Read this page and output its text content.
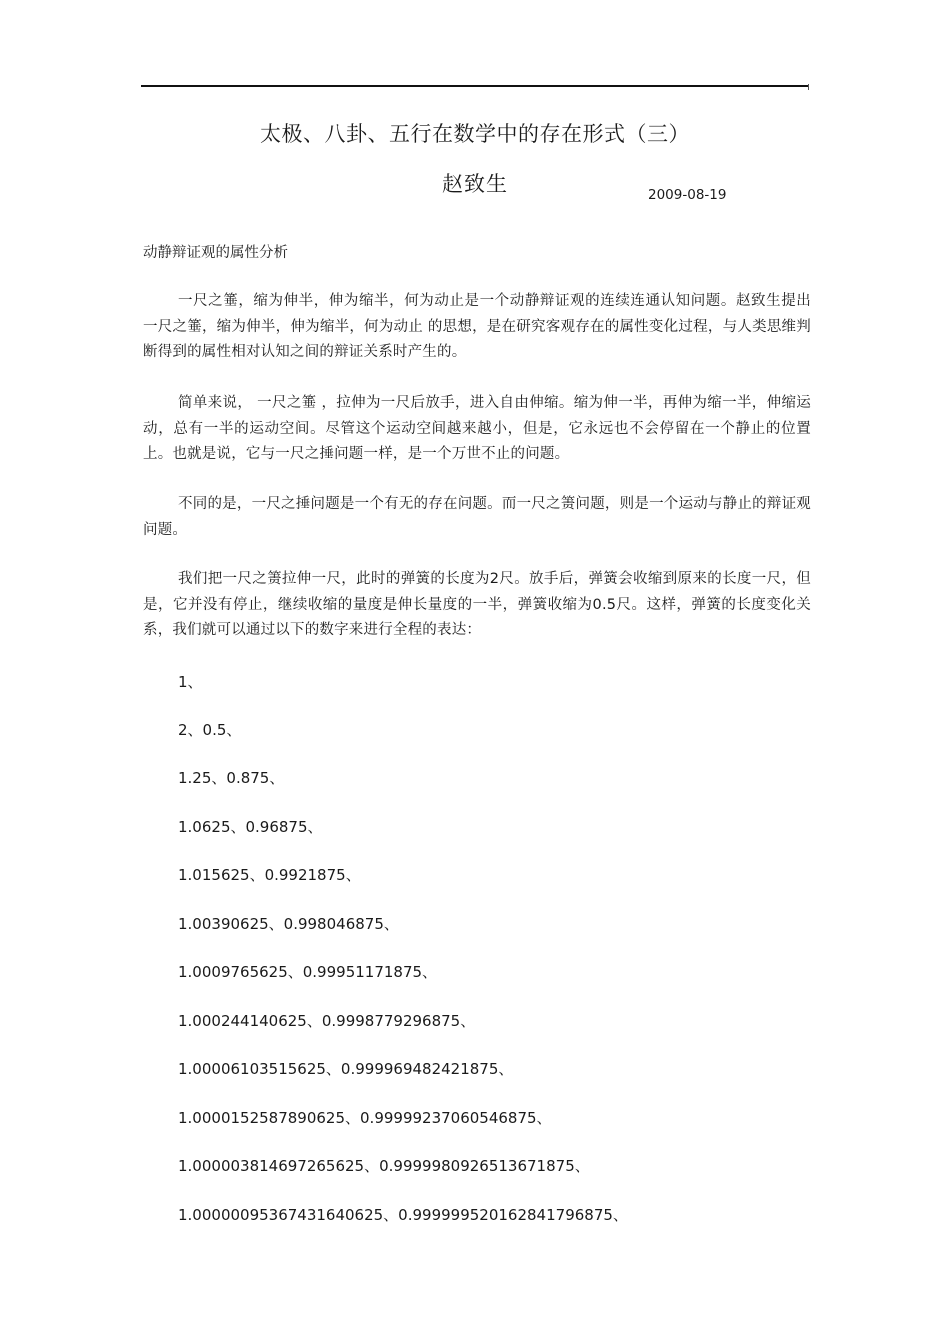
太极、八卦、五行在数学中的存在形式（三）
赵致生	2009-08-19
动静辩证观的属性分析
一尺之箠，缩为伸半，伸为缩半，何为动止是一个动静辩证观的连续连通认知问题。赵致生提出 一尺之箠，缩为伸半，伸为缩半，何为动止 的思想，是在研究客观存在的属性变化过程，与人类思维判断得到的属性相对认知之间的辩证关系时产生的。
简单来说， 一尺之箠 ，拉伸为一尺后放手，进入自由伸缩。缩为伸一半，再伸为缩一半，伸缩运动，总有一半的运动空间。尽管这个运动空间越来越小，但是，它永远也不会停留在一个静止的位置上。也就是说，它与一尺之捶问题一样，是一个万世不止的问题。
不同的是，一尺之捶问题是一个有无的存在问题。而一尺之箦问题，则是一个运动与静止的辩证观问题。
我们把一尺之箦拉伸一尺，此时的弹簧的长度为2尺。放手后，弹簧会收缩到原来的长度一尺，但是，它并没有停止，继续收缩的量度是伸长量度的一半，弹簧收缩为0.5尺。这样，弹簧的长度变化关系，我们就可以通过以下的数字来进行全程的表达：
1、
2、0.5、
1.25、0.875、
1.0625、0.96875、
1.015625、0.9921875、
1.00390625、0.998046875、
1.0009765625、0.99951171875、
1.000244140625、0.9998779296875、
1.00006103515625、0.999969482421875、
1.0000152587890625、0.99999237060546875、
1.000003814697265625、0.9999980926513671875、
1.0000009536743164062​5、0.99999952016284179687​5、
